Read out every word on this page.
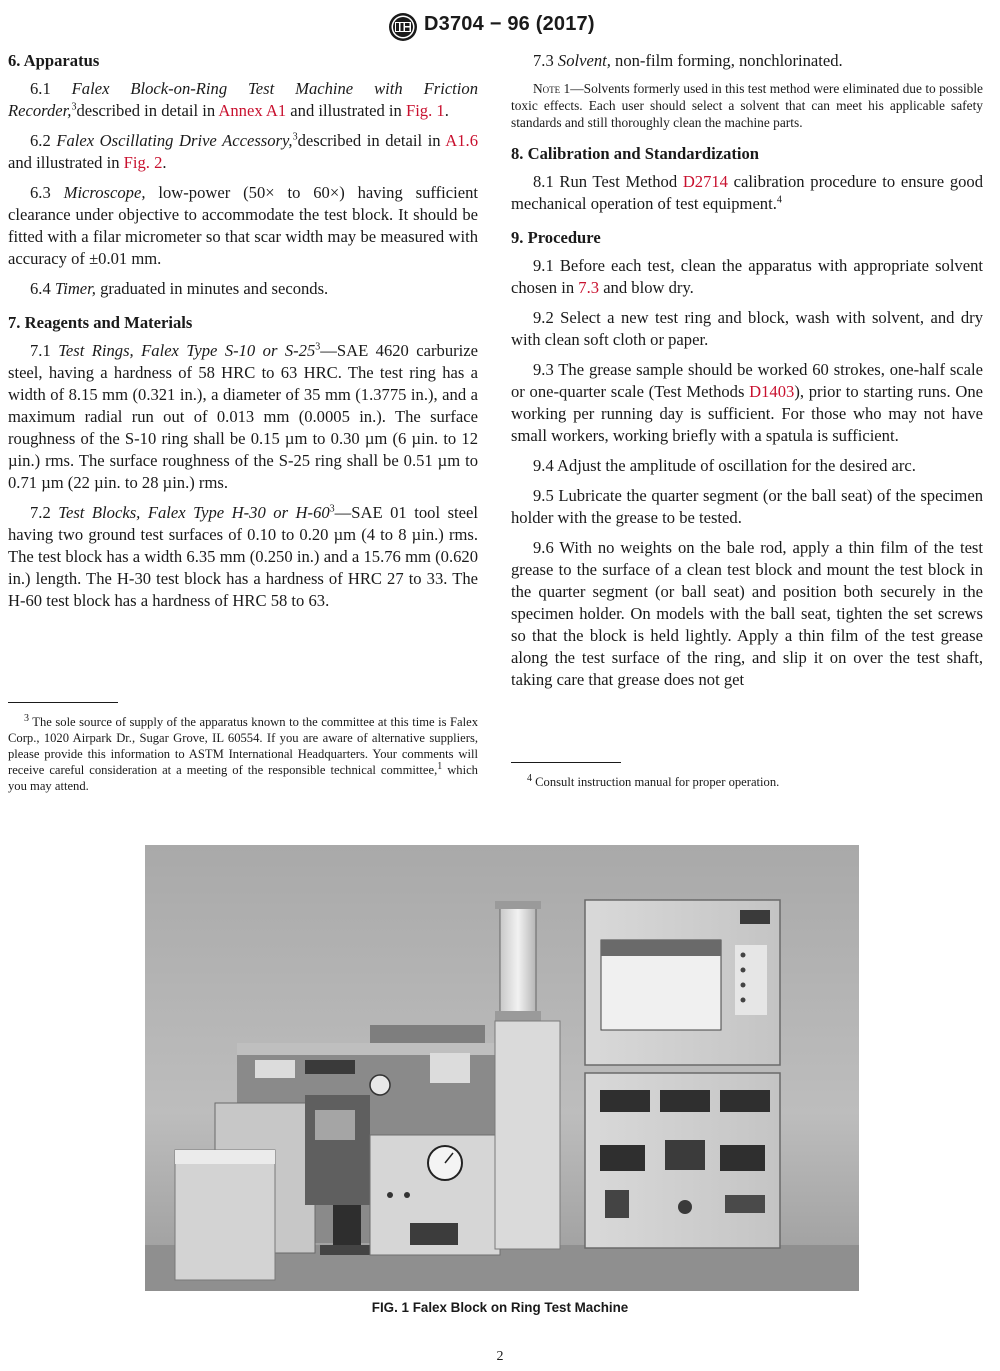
D3704 − 96 (2017)
6. Apparatus

6.1 Falex Block-on-Ring Test Machine with Friction Recorder,$^3$described in detail in Annex A1 and illustrated in Fig. 1.

6.2 Falex Oscillating Drive Accessory,$^3$described in detail in A1.6 and illustrated in Fig. 2.

6.3 Microscope, low-power (50× to 60×) having sufficient clearance under objective to accommodate the test block. It should be fitted with a filar micrometer so that scar width may be measured with accuracy of ±0.01 mm.

6.4 Timer, graduated in minutes and seconds.

7. Reagents and Materials

7.1 Test Rings, Falex Type S-10 or $S-25^3—SAE$ 4620 carburize steel, having a hardness of 58 HRC to 63 HRC. The test ring has a width of 8.15 mm (0.321 in.), a diameter of 35 mm (1.3775 in.), and a maximum radial run out of 0.013 mm (0.0005 in.). The surface roughness of the S-10 ring shall be 0.15 µm to 0.30 µm (6 µin. to 12 µin.) rms. The surface roughness of the S-25 ring shall be 0.51 µm to 0.71 µm (22 µin. to 28 µin.) rms.

7.2 Test Blocks, Falex Type H-30 or $H-60^3—SAE$ 01 tool steel having two ground test surfaces of 0.10 to 0.20 µm (4 to 8 µin.) rms. The test block has a width 6.35 mm (0.250 in.) and a 15.76 mm (0.620 in.) length. The H-30 test block has a hardness of HRC 27 to 33. The H-60 test block has a hardness of HRC 58 to 63.

$^3$ The sole source of supply of the apparatus known to the committee at this time is Falex Corp., 1020 Airpark Dr., Sugar Grove, IL 60554. If you are aware of alternative suppliers, please provide this information to ASTM International Headquarters. Your comments will receive careful consideration at a meeting of the responsible technical committee,$^1$ which you may attend.

7.3 Solvent, non-film forming, nonchlorinated.

Note 1—Solvents formerly used in this test method were eliminated due to possible toxic effects. Each user should select a solvent that can meet his applicable safety standards and still thoroughly clean the machine parts.

8. Calibration and Standardization

8.1 Run Test Method D2714 calibration procedure to ensure good mechanical operation of test equipment.$^4$

9. Procedure

9.1 Before each test, clean the apparatus with appropriate solvent chosen in 7.3 and blow dry.

9.2 Select a new test ring and block, wash with solvent, and dry with clean soft cloth or paper.

9.3 The grease sample should be worked 60 strokes, one-half scale or one-quarter scale (Test Methods D1403), prior to starting runs. One working per running day is sufficient. For those who may not have small workers, working briefly with a spatula is sufficient.

9.4 Adjust the amplitude of oscillation for the desired arc.

9.5 Lubricate the quarter segment (or the ball seat) of the specimen holder with the grease to be tested.

9.6 With no weights on the bale rod, apply a thin film of the test grease to the surface of a clean test block and mount the test block in the quarter segment (or ball seat) and position both securely in the specimen holder. On models with the ball seat, tighten the set screws so that the block is held lightly. Apply a thin film of the test grease along the test surface of the ring, and slip it on over the test shaft, taking care that grease does not get

$^4$ Consult instruction manual for proper operation.
FIG. 1 Falex Block on Ring Test Machine
2
